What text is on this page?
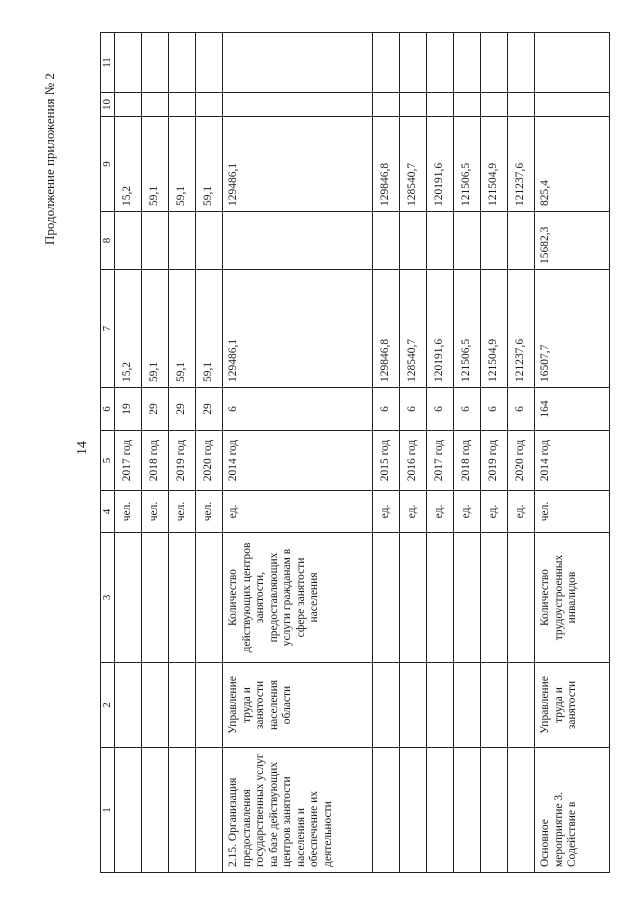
Продолжение приложения № 2
14
1	2	3	4	5	6	7	8	9	10	11
			чел.	2017 год	19	15,2		15,2		
			чел.	2018 год	29	59,1		59,1		
			чел.	2019 год	29	59,1		59,1		
			чел.	2020 год	29	59,1		59,1		
2.15. Организация предоставления государственных услуг на базе действующих центров занятости населения и обеспечение их деятельности	Управление труда и занятости населения области	Количество действующих центров занятости, предоставляющих услуги гражданам в сфере занятости населения	ед.	2014 год	6	129486,1		129486,1		
			ед.	2015 год	6	129846,8		129846,8		
			ед.	2016 год	6	128540,7		128540,7		
			ед.	2017 год	6	120191,6		120191,6		
			ед.	2018 год	6	121506,5		121506,5		
			ед.	2019 год	6	121504,9		121504,9		
			ед.	2020 год	6	121237,6		121237,6		
Основное мероприятие 3. Содействие в	Управление труда и занятости	Количество трудоустроенных инвалидов	чел.	2014 год	164	16507,7	15682,3	825,4		
